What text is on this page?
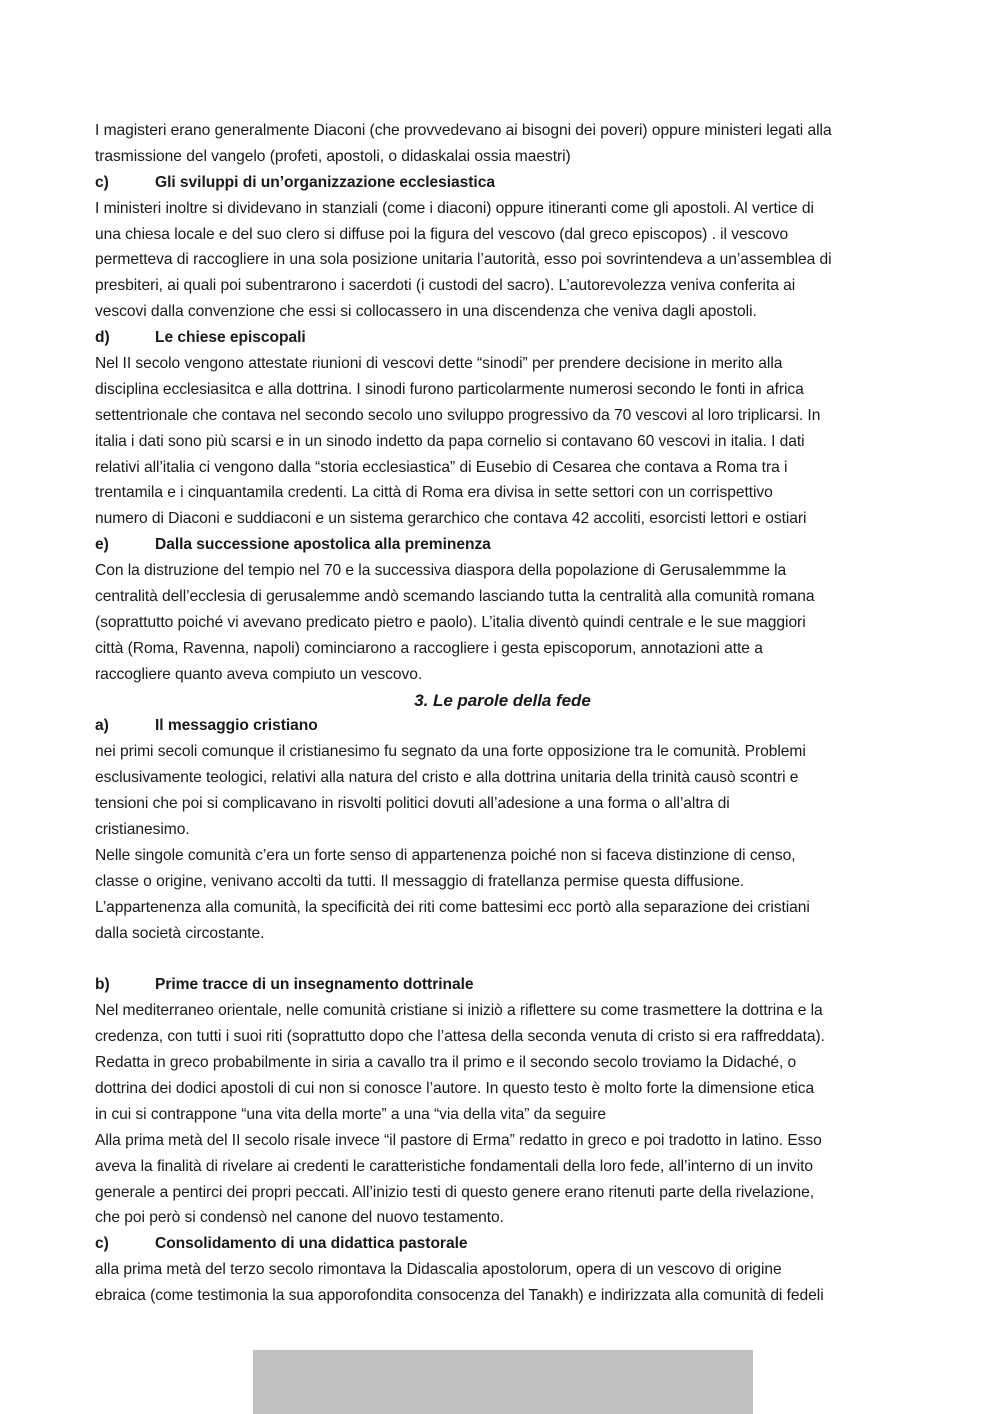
I magisteri erano generalmente Diaconi (che provvedevano ai bisogni dei poveri) oppure ministeri legati alla
trasmissione del vangelo (profeti, apostoli, o didaskalai ossia maestri)
c)	Gli sviluppi di un’organizzazione ecclesiastica
I ministeri inoltre si dividevano in stanziali (come i diaconi) oppure itineranti come gli apostoli. Al vertice di
una chiesa locale e del suo clero si diffuse poi la figura del vescovo (dal greco episcopos) . il vescovo
permetteva di raccogliere in una sola posizione unitaria l’autorità, esso poi sovrintendeva a un’assemblea di
presbiteri, ai quali poi subentrarono i sacerdoti (i custodi del sacro). L’autorevolezza veniva conferita ai
vescovi dalla convenzione che essi si collocassero in una discendenza che veniva dagli apostoli.
d)	Le chiese episcopali
Nel II secolo vengono attestate riunioni di vescovi dette “sinodi” per prendere decisione in merito alla
disciplina ecclesiasitca e alla dottrina. I sinodi furono particolarmente numerosi secondo le fonti in africa
settentrionale che contava nel secondo secolo uno sviluppo progressivo da 70 vescovi al loro triplicarsi. In
italia i dati sono più scarsi e in un sinodo indetto da papa cornelio si contavano 60 vescovi in italia. I dati
relativi all’italia ci vengono dalla “storia ecclesiastica” di Eusebio di Cesarea che contava a Roma tra i
trentamila e i cinquantamila credenti. La città di Roma era divisa in sette settori con un corrispettivo
numero di Diaconi e suddiaconi e un sistema gerarchico che contava 42 accoliti, esorcisti lettori e ostiari
e)	Dalla successione apostolica alla preminenza
Con la distruzione del tempio nel 70 e la successiva diaspora della popolazione di Gerusalemmme la
centralità dell’ecclesia di gerusalemme andò scemando lasciando tutta la centralità alla comunità romana
(soprattutto poiché vi avevano predicato pietro e paolo). L’italia diventò quindi centrale e le sue maggiori
città (Roma, Ravenna, napoli) cominciarono a raccogliere i gesta episcoporum, annotazioni atte a
raccogliere quanto aveva compiuto un vescovo.
3. Le parole della fede
a)	Il messaggio cristiano
nei primi secoli comunque il cristianesimo fu segnato da una forte opposizione tra le comunità. Problemi
esclusivamente teologici, relativi alla natura del cristo e alla dottrina unitaria della trinità causò scontri e
tensioni che poi si complicavano in risvolti politici dovuti all’adesione a una forma o all’altra di
cristianesimo.
Nelle singole comunità c’era un forte senso di appartenenza poiché non si faceva distinzione di censo,
classe o origine, venivano accolti da tutti. Il messaggio di fratellanza permise questa diffusione.
L’appartenenza alla comunità, la specificità dei riti come battesimi ecc portò alla separazione dei cristiani
dalla società circostante.
b)	Prime tracce di un insegnamento dottrinale
Nel mediterraneo orientale, nelle comunità cristiane si iniziò a riflettere su come trasmettere la dottrina e la
credenza, con tutti i suoi riti (soprattutto dopo che l’attesa della seconda venuta di cristo si era raffreddata).
Redatta in greco probabilmente in siria a cavallo tra il primo e il secondo secolo troviamo la Didaché, o
dottrina dei dodici apostoli di cui non si conosce l’autore. In questo testo è molto forte la dimensione etica
in cui si contrappone “una vita della morte” a una “via della vita” da seguire
Alla prima metà del II secolo risale invece “il pastore di Erma” redatto in greco e poi tradotto in latino. Esso
aveva la finalità di rivelare ai credenti le caratteristiche fondamentali della loro fede, all’interno di un invito
generale a pentirci dei propri peccati. All’inizio testi di questo genere erano ritenuti parte della rivelazione,
che poi però si condensò nel canone del nuovo testamento.
c)	Consolidamento di una didattica pastorale
alla prima metà del terzo secolo rimontava la Didascalia apostolorum, opera di un vescovo di origine
ebraica (come testimonia la sua apporofondita consocenza del Tanakh) e indirizzata alla comunità di fedeli
